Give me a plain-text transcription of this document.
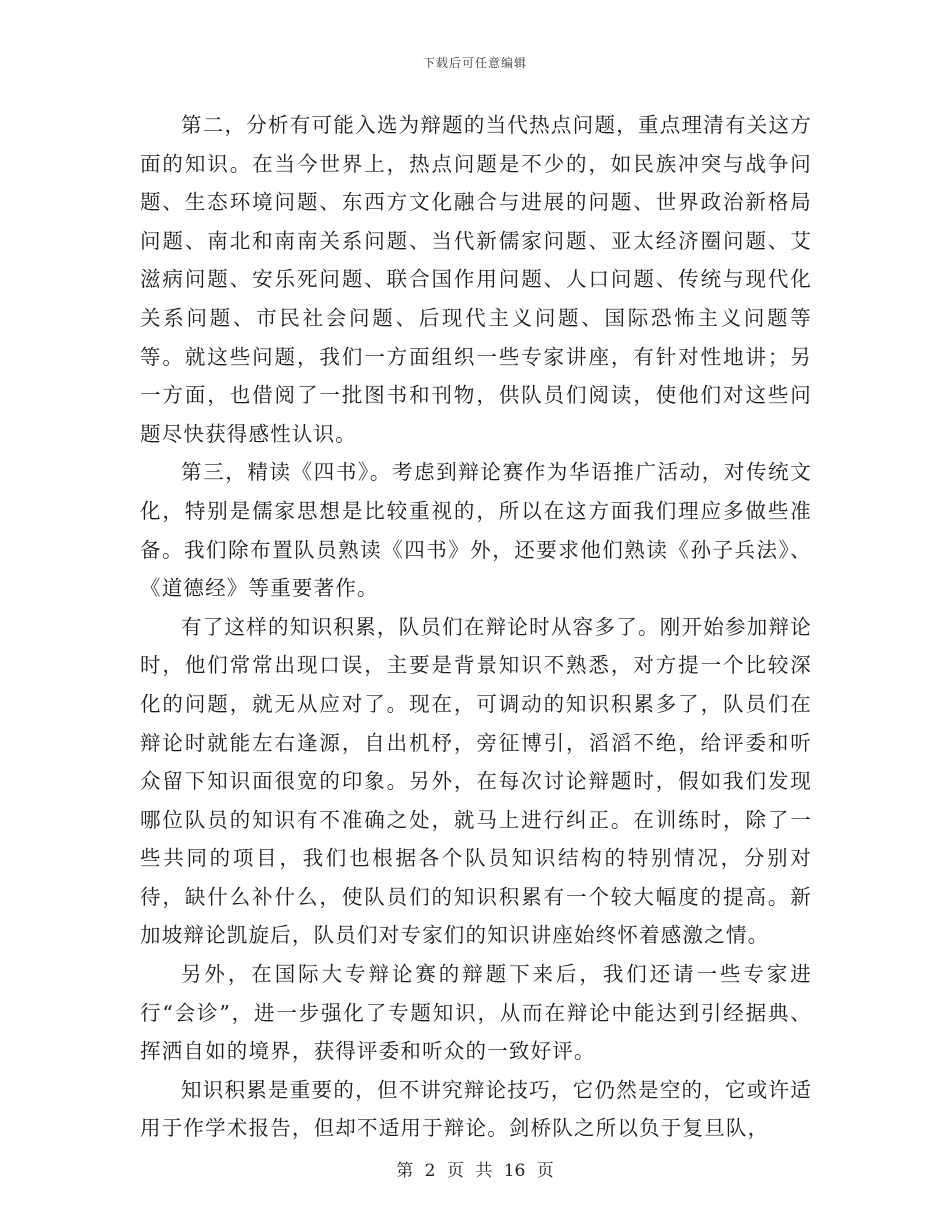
下载后可任意编辑

第二，分析有可能入选为辩题的当代热点问题，重点理清有关这方面的知识。在当今世界上，热点问题是不少的，如民族冲突与战争问题、生态环境问题、东西方文化融合与进展的问题、世界政治新格局问题、南北和南南关系问题、当代新儒家问题、亚太经济圈问题、艾滋病问题、安乐死问题、联合国作用问题、人口问题、传统与现代化关系问题、市民社会问题、后现代主义问题、国际恐怖主义问题等等。就这些问题，我们一方面组织一些专家讲座，有针对性地讲；另一方面，也借阅了一批图书和刊物，供队员们阅读，使他们对这些问题尽快获得感性认识。

第三，精读《四书》。考虑到辩论赛作为华语推广活动，对传统文化，特别是儒家思想是比较重视的，所以在这方面我们理应多做些准备。我们除布置队员熟读《四书》外，还要求他们熟读《孙子兵法》、《道德经》等重要著作。

有了这样的知识积累，队员们在辩论时从容多了。刚开始参加辩论时，他们常常出现口误，主要是背景知识不熟悉，对方提一个比较深化的问题，就无从应对了。现在，可调动的知识积累多了，队员们在辩论时就能左右逢源，自出机杼，旁征博引，滔滔不绝，给评委和听众留下知识面很宽的印象。另外，在每次讨论辩题时，假如我们发现哪位队员的知识有不准确之处，就马上进行纠正。在训练时，除了一些共同的项目，我们也根据各个队员知识结构的特别情况，分别对待，缺什么补什么，使队员们的知识积累有一个较大幅度的提高。新加坡辩论凯旋后，队员们对专家们的知识讲座始终怀着感激之情。

另外，在国际大专辩论赛的辩题下来后，我们还请一些专家进行“会诊”，进一步强化了专题知识，从而在辩论中能达到引经据典、挥洒自如的境界，获得评委和听众的一致好评。

知识积累是重要的，但不讲究辩论技巧，它仍然是空的，它或许适用于作学术报告，但却不适用于辩论。剑桥队之所以负于复旦队，

第 2 页 共 16 页
